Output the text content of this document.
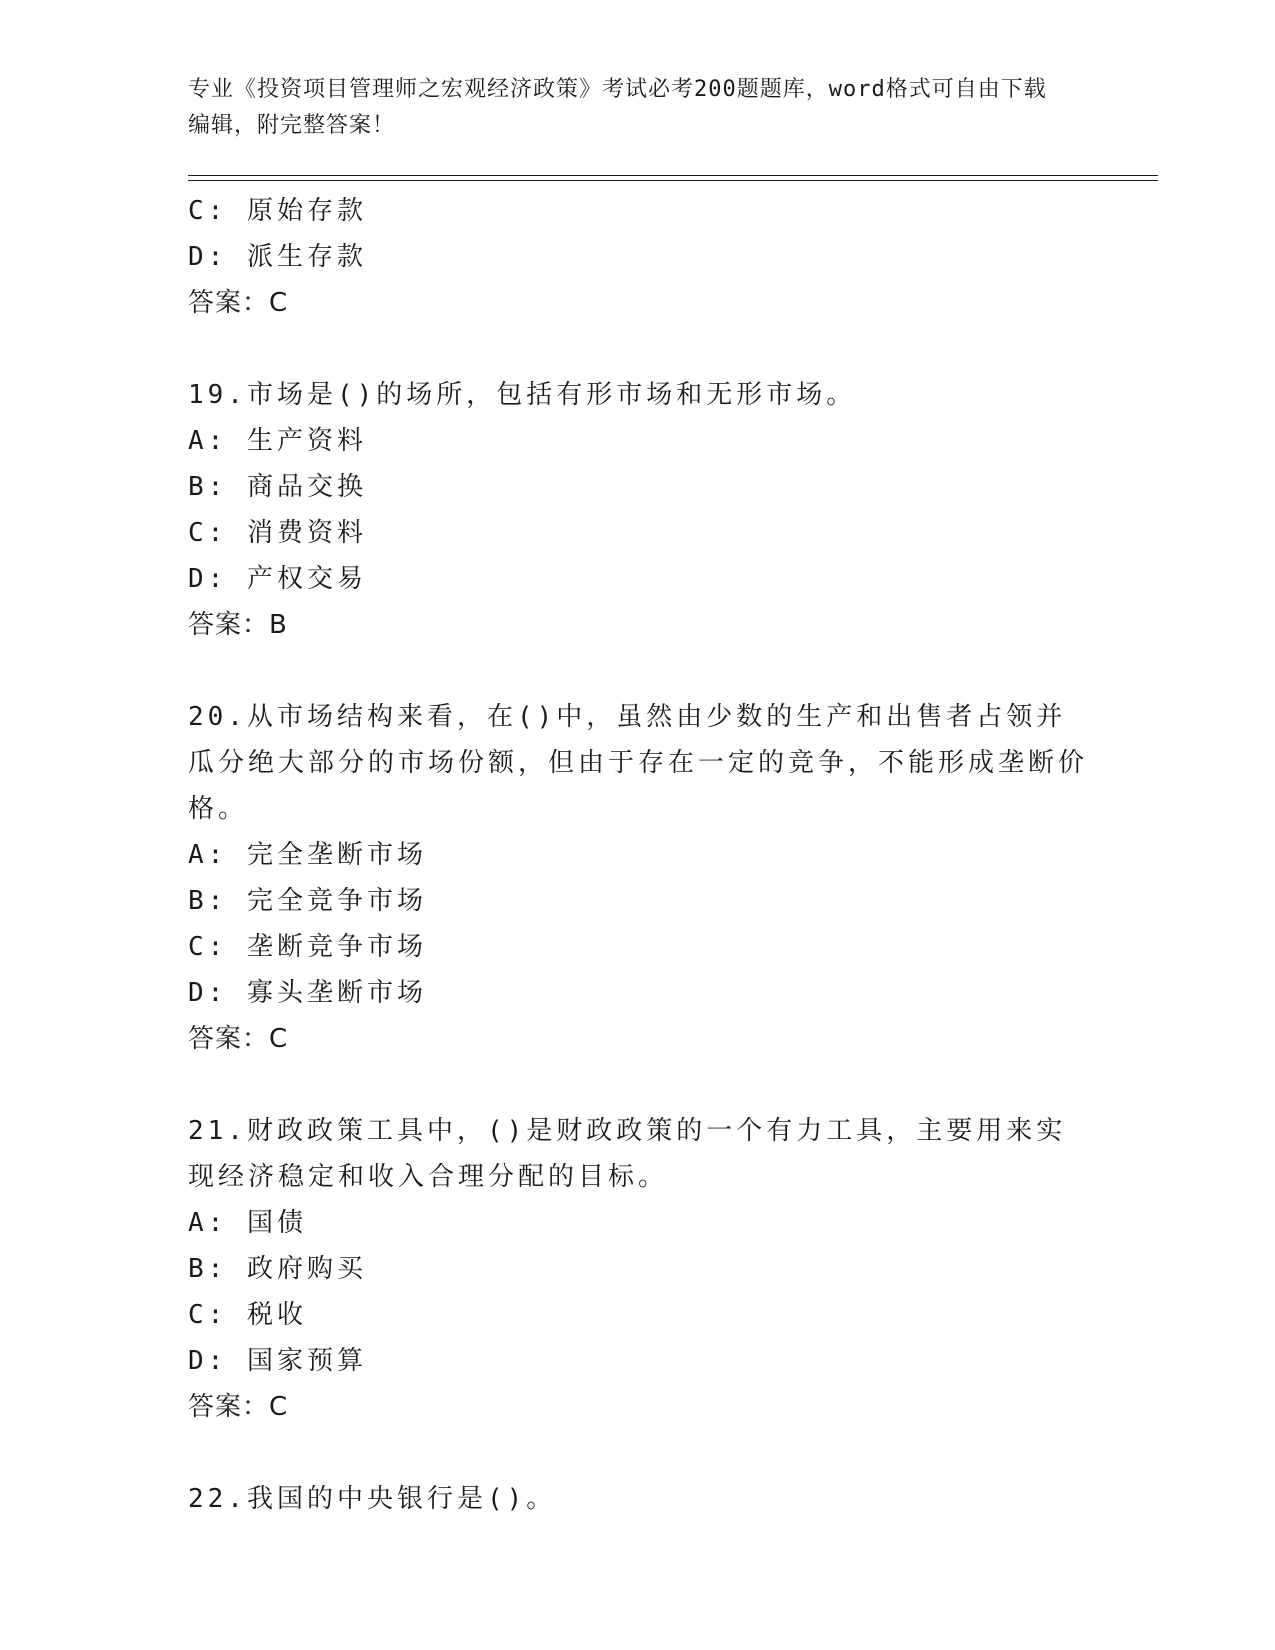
专业《投资项目管理师之宏观经济政策》考试必考200题题库，word格式可自由下载编辑，附完整答案！
C: 原始存款
D: 派生存款
答案：C
19.市场是()的场所，包括有形市场和无形市场。
A: 生产资料
B: 商品交换
C: 消费资料
D: 产权交易
答案：B
20.从市场结构来看，在()中，虽然由少数的生产和出售者占领并瓜分绝大部分的市场份额，但由于存在一定的竞争，不能形成垄断价格。
A: 完全垄断市场
B: 完全竞争市场
C: 垄断竞争市场
D: 寡头垄断市场
答案：C
21.财政政策工具中，()是财政政策的一个有力工具，主要用来实现经济稳定和收入合理分配的目标。
A: 国债
B: 政府购买
C: 税收
D: 国家预算
答案：C
22.我国的中央银行是()。
